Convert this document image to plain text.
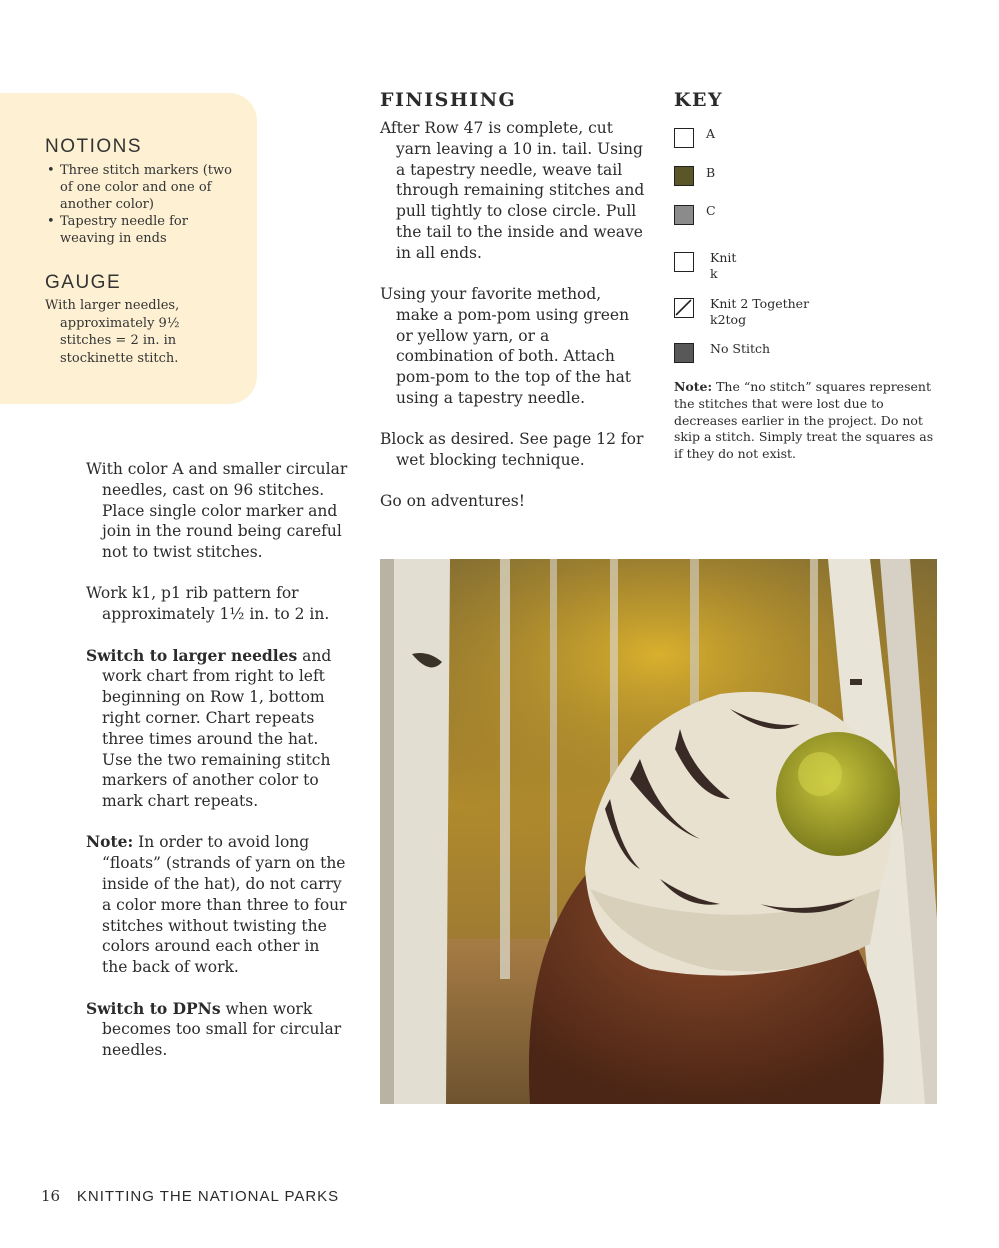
NOTIONS
• Three stitch markers (two of one color and one of another color)
• Tapestry needle for weaving in ends
GAUGE

With larger needles, approximately 9½ stitches = 2 in. in stockinette stitch.

With color A and smaller circular needles, cast on 96 stitches. Place single color marker and join in the round being careful not to twist stitches.

Work k1, p1 rib pattern for approximately 1½ in. to 2 in.

Switch to larger needles and work chart from right to left beginning on Row 1, bottom right corner. Chart repeats three times around the hat. Use the two remaining stitch markers of another color to mark chart repeats.

Note: In order to avoid long “floats” (strands of yarn on the inside of the hat), do not carry a color more than three to four stitches without twisting the colors around each other in the back of work.

Switch to DPNs when work becomes too small for circular needles.

FINISHING

After Row 47 is complete, cut yarn leaving a 10 in. tail. Using a tapestry needle, weave tail through remaining stitches and pull tightly to close circle. Pull the tail to the inside and weave in all ends.

Using your favorite method, make a pom-pom using green or yellow yarn, or a combination of both. Attach pom-pom to the top of the hat using a tapestry needle.

Block as desired. See page 12 for wet blocking technique.

Go on adventures!

KEY
A
B
C
Knit
k
Knit 2 Together
k2tog
No Stitch

Note: The “no stitch” squares represent the stitches that were lost due to decreases earlier in the project. Do not skip a stitch. Simply treat the squares as if they do not exist.

16 KNITTING THE NATIONAL PARKS
